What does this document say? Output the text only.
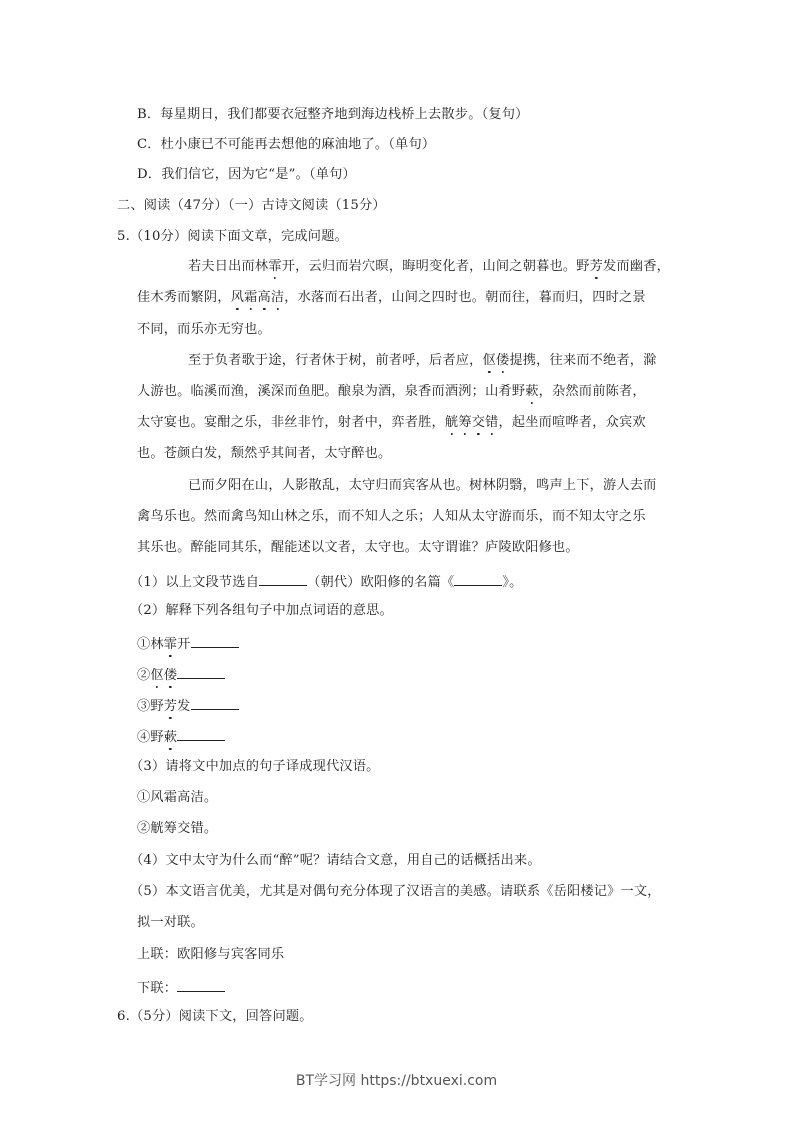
B．每星期日，我们都要衣冠整齐地到海边栈桥上去散步。（复句）
C．杜小康已不可能再去想他的麻油地了。（单句）
D．我们信它，因为它“是”。（单句）
二、阅读（47分）（一）古诗文阅读（15分）
5.（10分）阅读下面文章，完成问题。
若夫日出而林霏开，云归而岩穴暝，晦明变化者，山间之朝暮也。野芳发而幽香，
佳木秀而繁阴，风霜高洁，水落而石出者，山间之四时也。朝而往，暮而归，四时之景
不同，而乐亦无穷也。
至于负者歌于途，行者休于树，前者呼，后者应，伛偻提携，往来而不绝者，滁
人游也。临溪而渔，溪深而鱼肥。酿泉为酒，泉香而酒洌；山肴野蔌，杂然而前陈者，
太守宴也。宴酣之乐，非丝非竹，射者中，弈者胜，觥筹交错，起坐而喧哗者，众宾欢
也。苍颜白发，颓然乎其间者，太守醉也。
已而夕阳在山，人影散乱，太守归而宾客从也。树林阴翳，鸣声上下，游人去而
禽鸟乐也。然而禽鸟知山林之乐，而不知人之乐；人知从太守游而乐，而不知太守之乐
其乐也。醉能同其乐，醒能述以文者，太守也。太守谓谁？庐陵欧阳修也。
（1）以上文段节选自	（朝代）欧阳修的名篇《	》。
（2）解释下列各组句子中加点词语的意思。
①林霏开
②伛偻
③野芳发
④野蔌
（3）请将文中加点的句子译成现代汉语。
①风霜高洁。
②觥筹交错。
（4）文中太守为什么而“醉”呢？请结合文意，用自己的话概括出来。
（5）本文语言优美，尤其是对偶句充分体现了汉语言的美感。请联系《岳阳楼记》一文，
拟一对联。
上联：欧阳修与宾客同乐
下联：
6.（5分）阅读下文，回答问题。
BT学习网 https://btxuexi.com
